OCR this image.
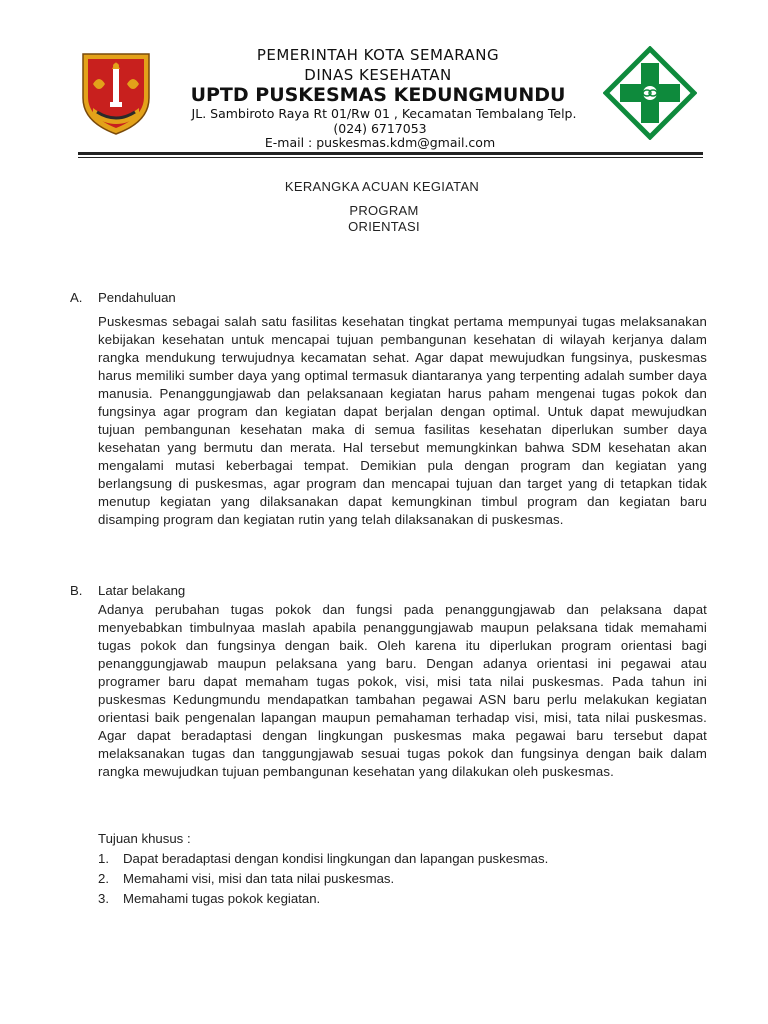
PEMERINTAH KOTA SEMARANG
DINAS KESEHATAN
UPTD PUSKESMAS KEDUNGMUNDU
JL. Sambiroto Raya Rt 01/Rw 01 , Kecamatan Tembalang Telp.
(024) 6717053
E-mail : puskesmas.kdm@gmail.com
KERANGKA ACUAN KEGIATAN
PROGRAM
ORIENTASI
A. Pendahuluan
Puskesmas sebagai salah satu fasilitas kesehatan tingkat pertama mempunyai tugas melaksanakan kebijakan kesehatan untuk mencapai tujuan pembangunan kesehatan di wilayah kerjanya dalam rangka mendukung terwujudnya kecamatan sehat. Agar dapat mewujudkan fungsinya, puskesmas harus memiliki sumber daya yang optimal termasuk diantaranya yang terpenting adalah sumber daya manusia. Penanggungjawab dan pelaksanaan kegiatan harus paham mengenai tugas pokok dan fungsinya agar program dan kegiatan dapat berjalan dengan optimal. Untuk dapat mewujudkan tujuan pembangunan kesehatan maka di semua fasilitas kesehatan diperlukan sumber daya kesehatan yang bermutu dan merata. Hal tersebut memungkinkan bahwa SDM kesehatan akan mengalami mutasi keberbagai tempat. Demikian pula dengan program dan kegiatan yang berlangsung di puskesmas, agar program dan mencapai tujuan dan target yang di tetapkan tidak menutup kegiatan yang dilaksanakan dapat kemungkinan timbul program dan kegiatan baru disamping program dan kegiatan rutin yang telah dilaksanakan di puskesmas.
B. Latar belakang
Adanya perubahan tugas pokok dan fungsi pada penanggungjawab dan pelaksana dapat menyebabkan timbulnyaa maslah apabila penanggungjawab maupun pelaksana tidak memahami tugas pokok dan fungsinya dengan baik. Oleh karena itu diperlukan program orientasi bagi penanggungjawab maupun pelaksana yang baru. Dengan adanya orientasi ini pegawai atau programer baru dapat memaham tugas pokok, visi, misi tata nilai puskesmas. Pada tahun ini puskesmas Kedungmundu mendapatkan tambahan pegawai ASN baru perlu melakukan kegiatan orientasi baik pengenalan lapangan maupun pemahaman terhadap visi, misi, tata nilai puskesmas. Agar dapat beradaptasi dengan lingkungan puskesmas maka pegawai baru tersebut dapat melaksanakan tugas dan tanggungjawab sesuai tugas pokok dan fungsinya dengan baik dalam rangka mewujudkan tujuan pembangunan kesehatan yang dilakukan oleh puskesmas.
Tujuan khusus :
1. Dapat beradaptasi dengan kondisi lingkungan dan lapangan puskesmas.
2. Memahami visi, misi dan tata nilai puskesmas.
3. Memahami tugas pokok kegiatan.
